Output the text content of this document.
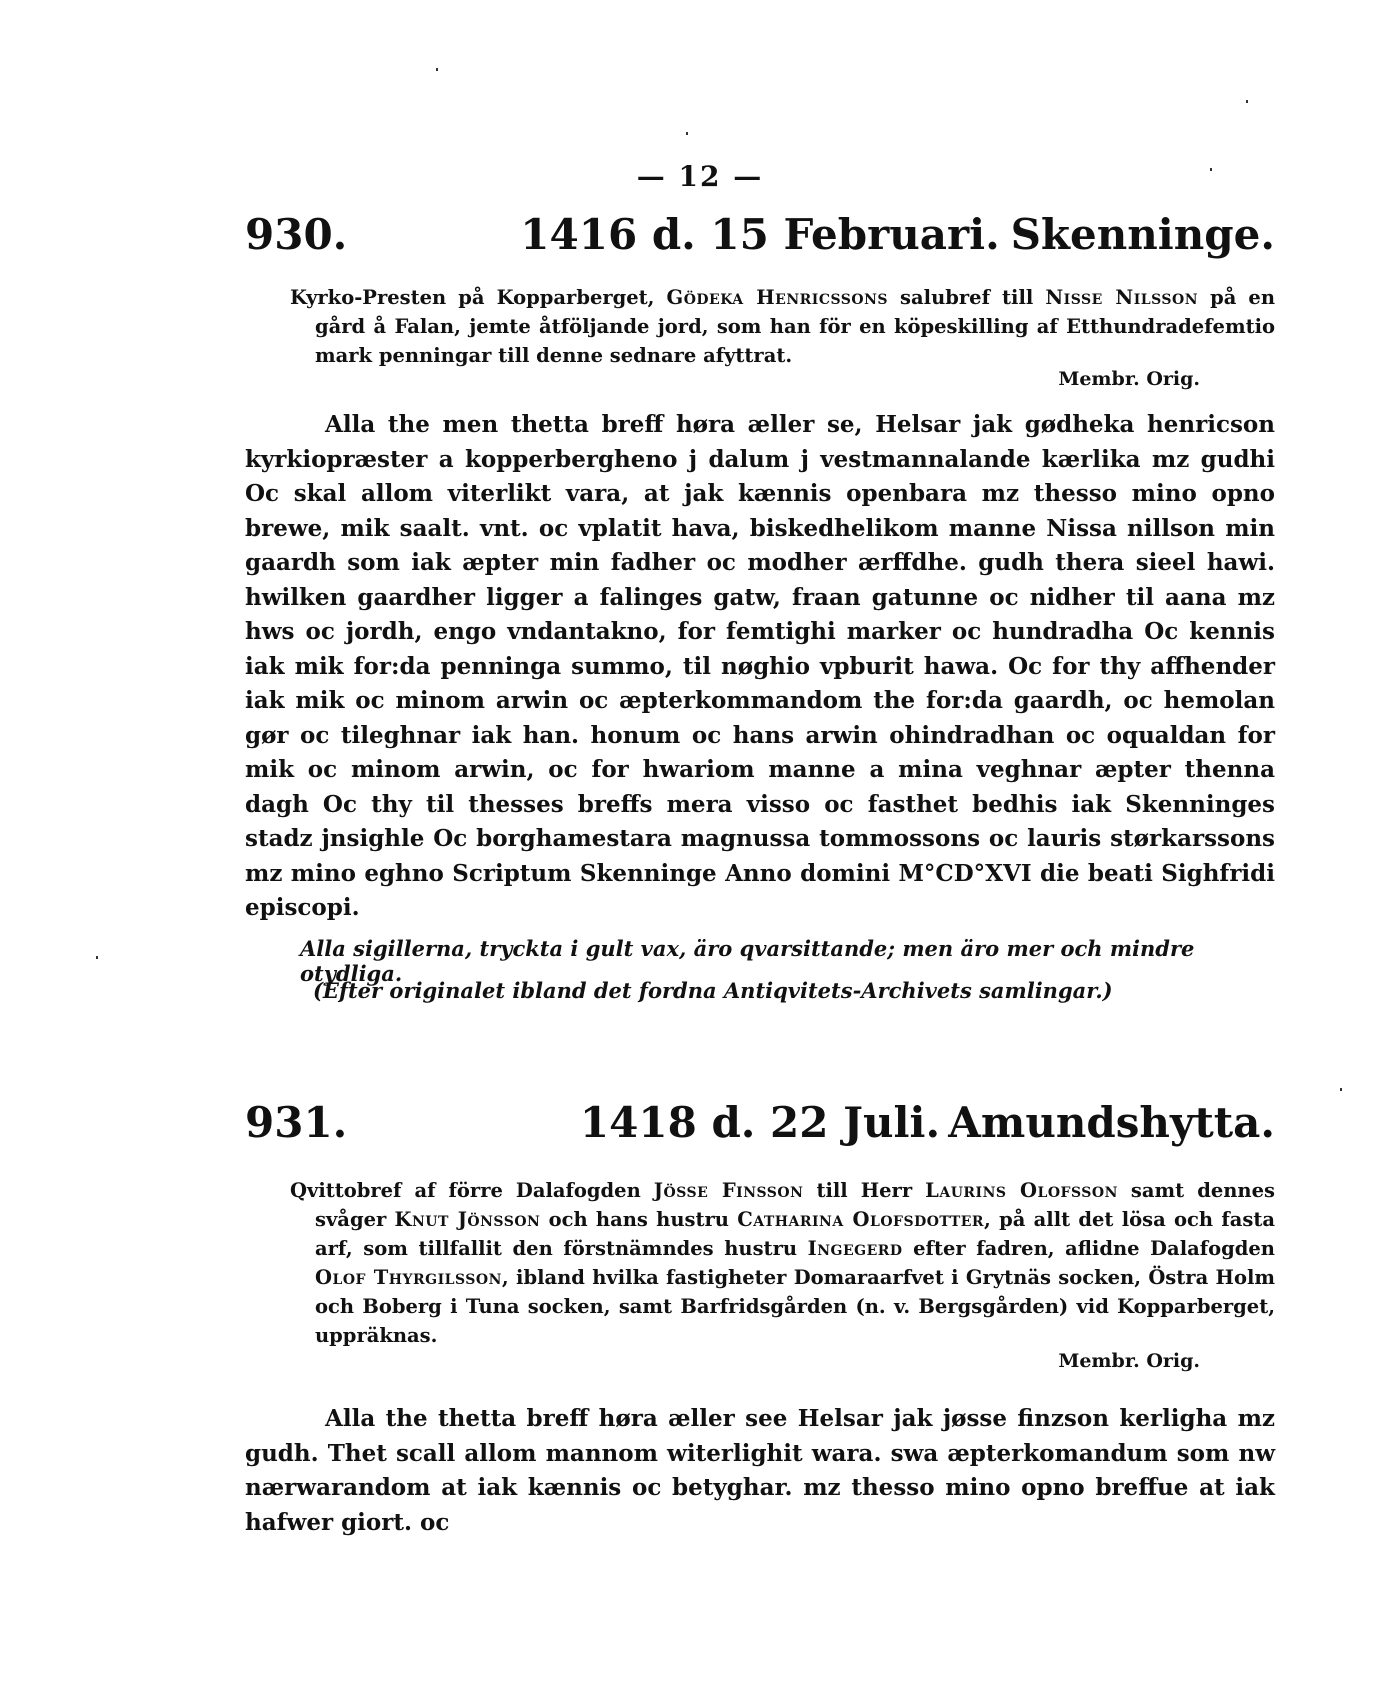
— 12 —
930.	1416 d. 15 Februari. Skenninge.
Kyrko-Presten på Kopparberget, Gödeka Henricssons salubref till Nisse Nilsson på en gård å Falan, jemte åtföljande jord, som han för en köpeskilling af Etthundradefemtio mark penningar till denne sednare afyttrat.
Membr. Orig.
Alla the men thetta breff høra æller se, Helsar jak gødheka henricson kyrkiopræster a kopperbergheno j dalum j vestmannalande kærlika mz gudhi Oc skal allom viterlikt vara, at jak kænnis openbara mz thesso mino opno brewe, mik saalt. vnt. oc vplatit hava, biskedhelikom manne Nissa nillson min gaardh som iak æpter min fadher oc modher ærffdhe. gudh thera sieel hawi. hwilken gaardher ligger a falinges gatw, fraan gatunne oc nidher til aana mz hws oc jordh, engo vndantakno, for femtighi marker oc hundradha Oc kennis iak mik for:da penninga summo, til nøghio vpburit hawa. Oc for thy affhender iak mik oc minom arwin oc æpterkommandom the for:da gaardh, oc hemolan gør oc tileghnar iak han. honum oc hans arwin ohindradhan oc oqualdan for mik oc minom arwin, oc for hwariom manne a mina veghnar æpter thenna dagh Oc thy til thesses breffs mera visso oc fasthet bedhis iak Skenninges stadz jnsighle Oc borghamestara magnussa tommossons oc lauris størkarssons mz mino eghno Scriptum Skenninge Anno domini M°CD°XVI die beati Sighfridi episcopi.
Alla sigillerna, tryckta i gult vax, äro qvarsittande; men äro mer och mindre otydliga.
(Efter originalet ibland det fordna Antiqvitets-Archivets samlingar.)
931.	1418 d. 22 Juli. Amundshytta.
Qvittobref af förre Dalafogden Jösse Finsson till Herr Laurins Olofsson samt dennes svåger Knut Jönsson och hans hustru Catharina Olofsdotter, på allt det lösa och fasta arf, som tillfallit den förstnämndes hustru Ingegerd efter fadren, aflidne Dalafogden Olof Thyrgilsson, ibland hvilka fastigheter Domaraarfvet i Grytnäs socken, Östra Holm och Boberg i Tuna socken, samt Barfridsgården (n. v. Bergsgården) vid Kopparberget, uppräknas.
Membr. Orig.
Alla the thetta breff høra æller see Helsar jak jøsse finzson kerligha mz gudh. Thet scall allom mannom witerlighit wara. swa æpterkomandum som nw nærwarandom at iak kænnis oc betyghar. mz thesso mino opno breffue at iak hafwer giort. oc
